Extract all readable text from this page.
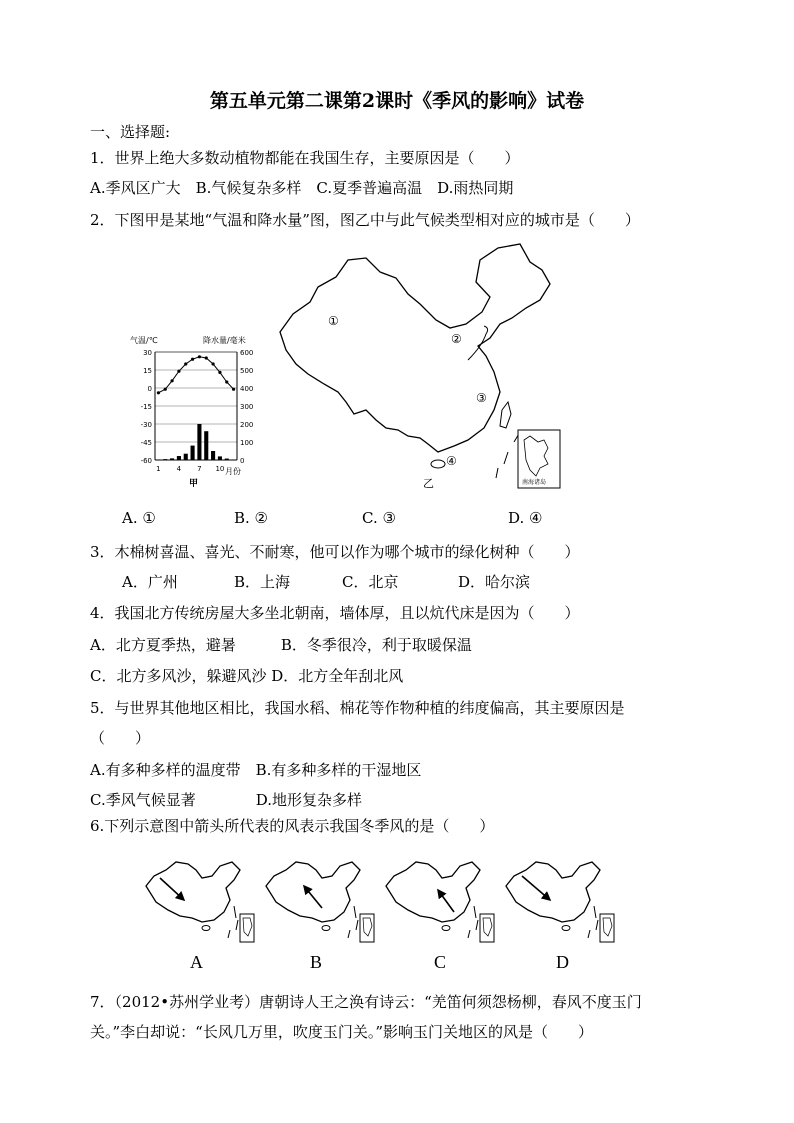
第五单元第二课第2课时《季风的影响》试卷
一、选择题:
1．世界上绝大多数动植物都能在我国生存，主要原因是（　　）
A.季风区广大　B.气候复杂多样　C.夏季普遍高温　D.雨热同期
2．下图甲是某地“气温和降水量”图，图乙中与此气候类型相对应的城市是（　　）
气温/℃	降水量/毫米
30
15
0
-15
-30
-45
-60
600
500
400
300
200
100
0
1 4 7 10 月份
甲
①
②
③
④
南海诸岛
乙
A. ①	B. ②	C. ③	D. ④
3．木棉树喜温、喜光、不耐寒，他可以作为哪个城市的绿化树种（　　）
A．广州	B．上海	C．北京	D．哈尔滨
4．我国北方传统房屋大多坐北朝南，墙体厚，且以炕代床是因为（　　）
A．北方夏季热，避暑　　　B．冬季很冷，利于取暖保温
C．北方多风沙，躲避风沙 D．北方全年刮北风
5．与世界其他地区相比，我国水稻、棉花等作物种植的纬度偏高，其主要原因是
（　　）
A.有多种多样的温度带　B.有多种多样的干湿地区
C.季风气候显著　　　　D.地形复杂多样
6.下列示意图中箭头所代表的风表示我国冬季风的是（　　）
A	B	C	D
7．（2012•苏州学业考）唐朝诗人王之涣有诗云：“羌笛何须怨杨柳，春风不度玉门
关。”李白却说：“长风几万里，吹度玉门关。”影响玉门关地区的风是（　　）
